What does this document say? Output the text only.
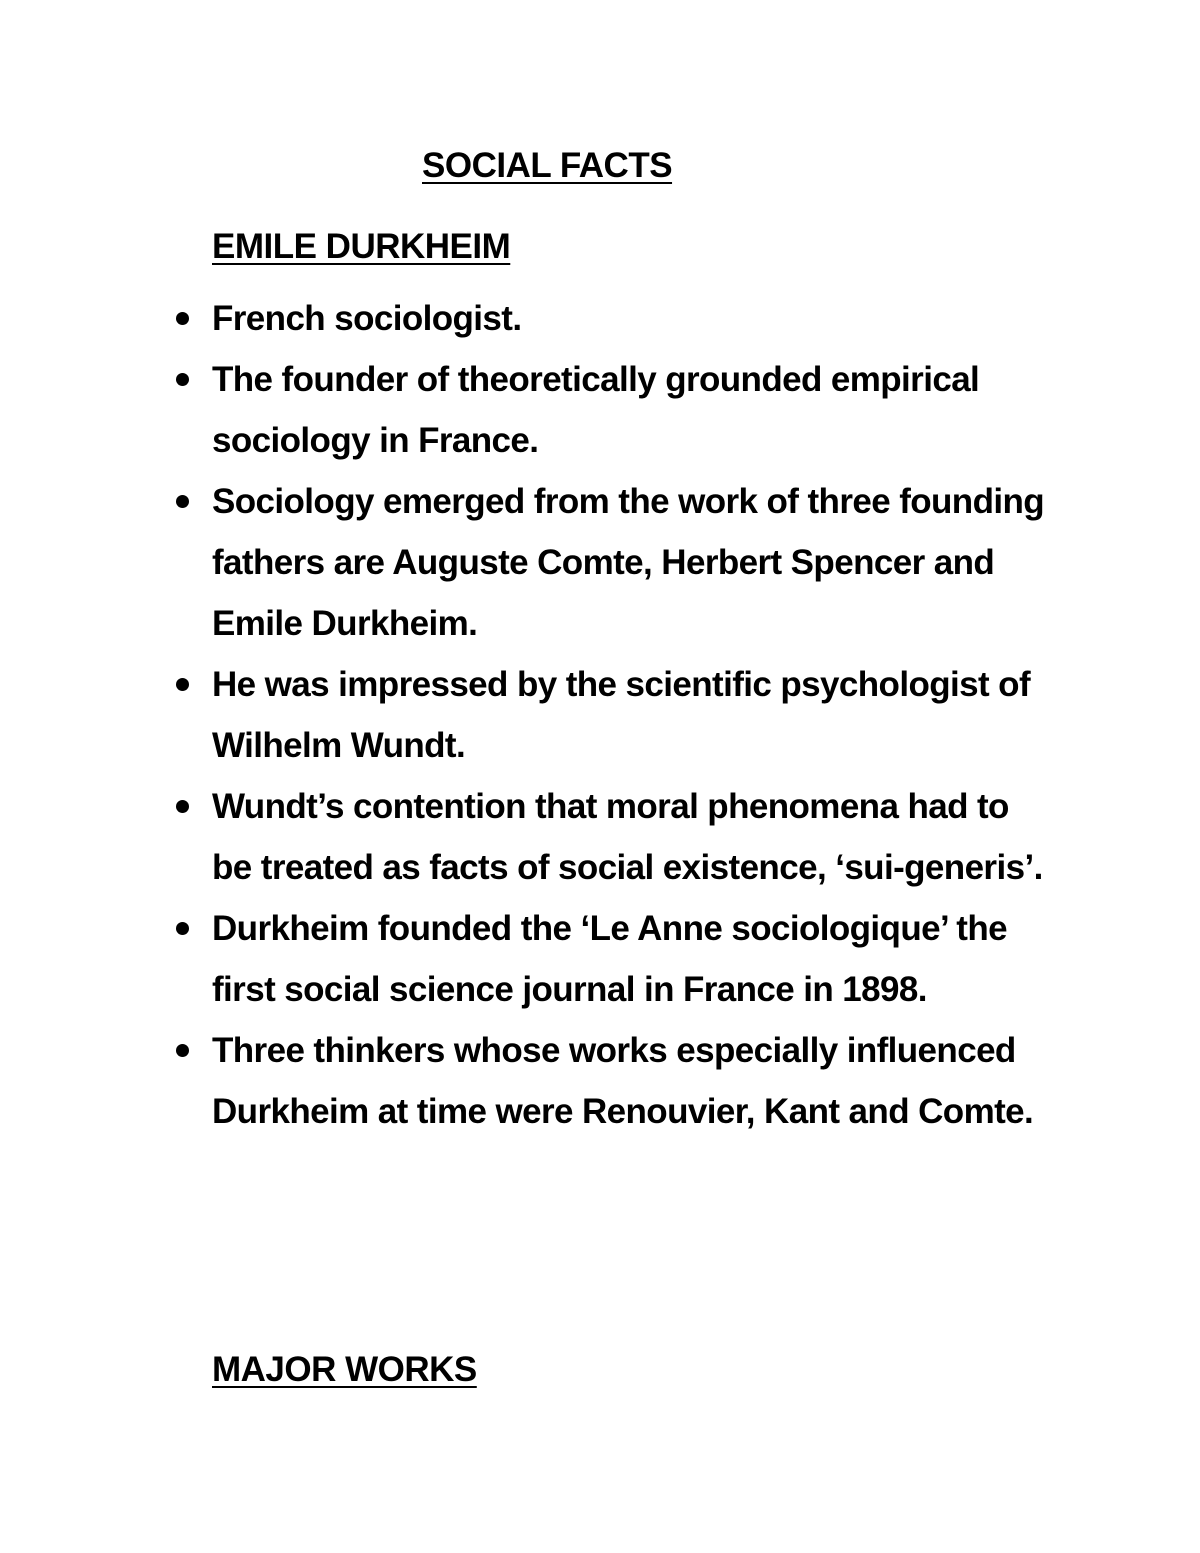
SOCIAL FACTS
EMILE DURKHEIM
French sociologist.
The founder of theoretically grounded empirical sociology in France.
Sociology emerged from the work of three founding fathers are Auguste Comte, Herbert Spencer and Emile Durkheim.
He was impressed by the scientific psychologist of Wilhelm Wundt.
Wundt’s contention that moral phenomena had to be treated as facts of social existence, ‘sui-generis’.
Durkheim founded the ‘Le Anne sociologique’ the first social science journal in France in 1898.
Three thinkers whose works especially influenced Durkheim at time were Renouvier, Kant and Comte.
MAJOR WORKS
